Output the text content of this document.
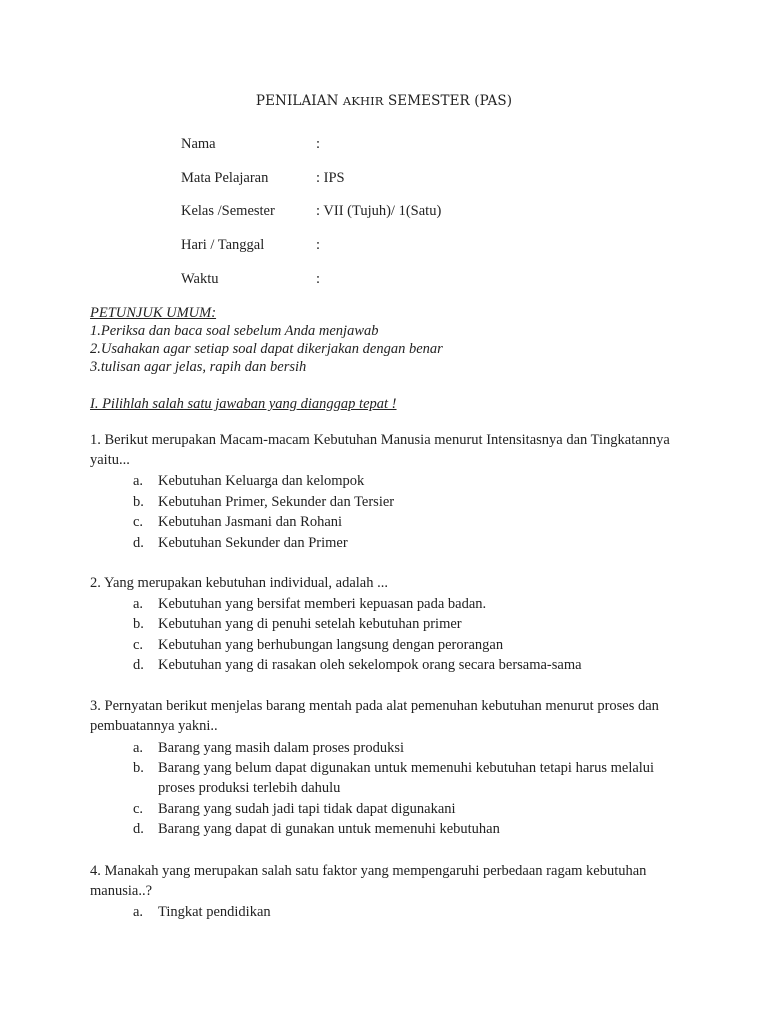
PENILAIAN AKHIR SEMESTER (PAS)
Nama	:
Mata Pelajaran	: IPS
Kelas /Semester	: VII (Tujuh)/ 1(Satu)
Hari / Tanggal	:
Waktu	:
PETUNJUK UMUM:
1.Periksa dan baca soal sebelum Anda menjawab
2.Usahakan agar setiap soal dapat dikerjakan dengan benar
3.tulisan agar jelas, rapih dan bersih
I. Pilihlah salah satu jawaban yang dianggap tepat !
1. Berikut merupakan Macam-macam Kebutuhan Manusia menurut Intensitasnya dan Tingkatannya yaitu...
a. Kebutuhan Keluarga dan kelompok
b. Kebutuhan Primer, Sekunder dan Tersier
c. Kebutuhan Jasmani dan Rohani
d. Kebutuhan Sekunder dan Primer
2. Yang merupakan kebutuhan individual, adalah ...
a. Kebutuhan yang bersifat memberi kepuasan pada badan.
b. Kebutuhan yang di penuhi setelah kebutuhan primer
c. Kebutuhan yang berhubungan langsung dengan perorangan
d. Kebutuhan yang di rasakan oleh sekelompok orang secara bersama-sama
3. Pernyatan berikut menjelas barang mentah pada alat pemenuhan kebutuhan menurut proses dan pembuatannya yakni..
a. Barang yang masih dalam proses produksi
b. Barang yang belum dapat digunakan untuk memenuhi kebutuhan tetapi harus melalui proses produksi terlebih dahulu
c. Barang yang sudah jadi tapi tidak dapat digunakani
d. Barang yang dapat di gunakan untuk memenuhi kebutuhan
4. Manakah yang merupakan salah satu faktor yang mempengaruhi perbedaan ragam kebutuhan manusia..?
a. Tingkat pendidikan
